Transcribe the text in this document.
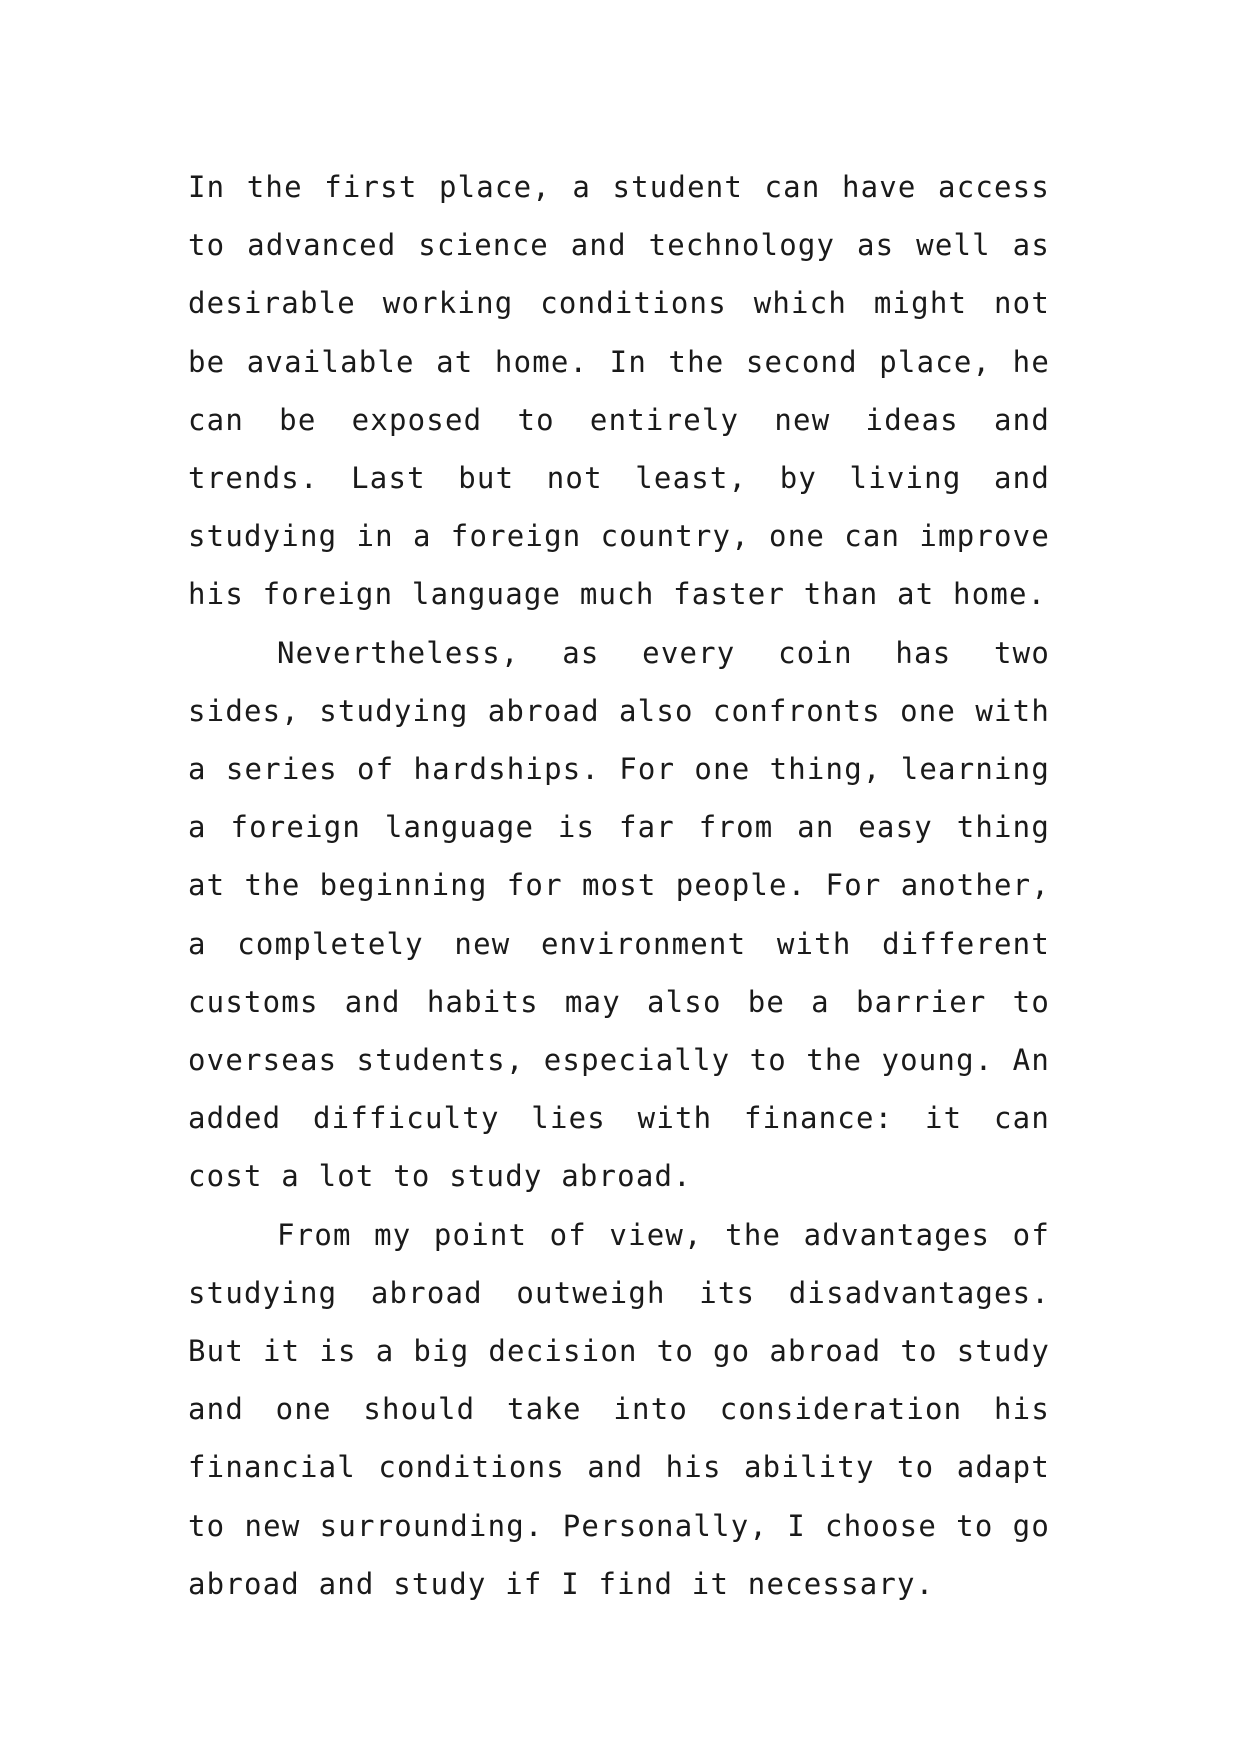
In the first place, a student can have access to advanced science and technology as well as desirable working conditions which might not be available at home. In the second place, he can be exposed to entirely new ideas and trends. Last but not least, by living and studying in a foreign country, one can improve his foreign language much faster than at home.

Nevertheless, as every coin has two sides, studying abroad also confronts one with a series of hardships. For one thing, learning a foreign language is far from an easy thing at the beginning for most people. For another, a completely new environment with different customs and habits may also be a barrier to overseas students, especially to the young. An added difficulty lies with finance: it can cost a lot to study abroad.

From my point of view, the advantages of studying abroad outweigh its disadvantages. But it is a big decision to go abroad to study and one should take into consideration his financial conditions and his ability to adapt to new surrounding. Personally, I choose to go abroad and study if I find it necessary.
